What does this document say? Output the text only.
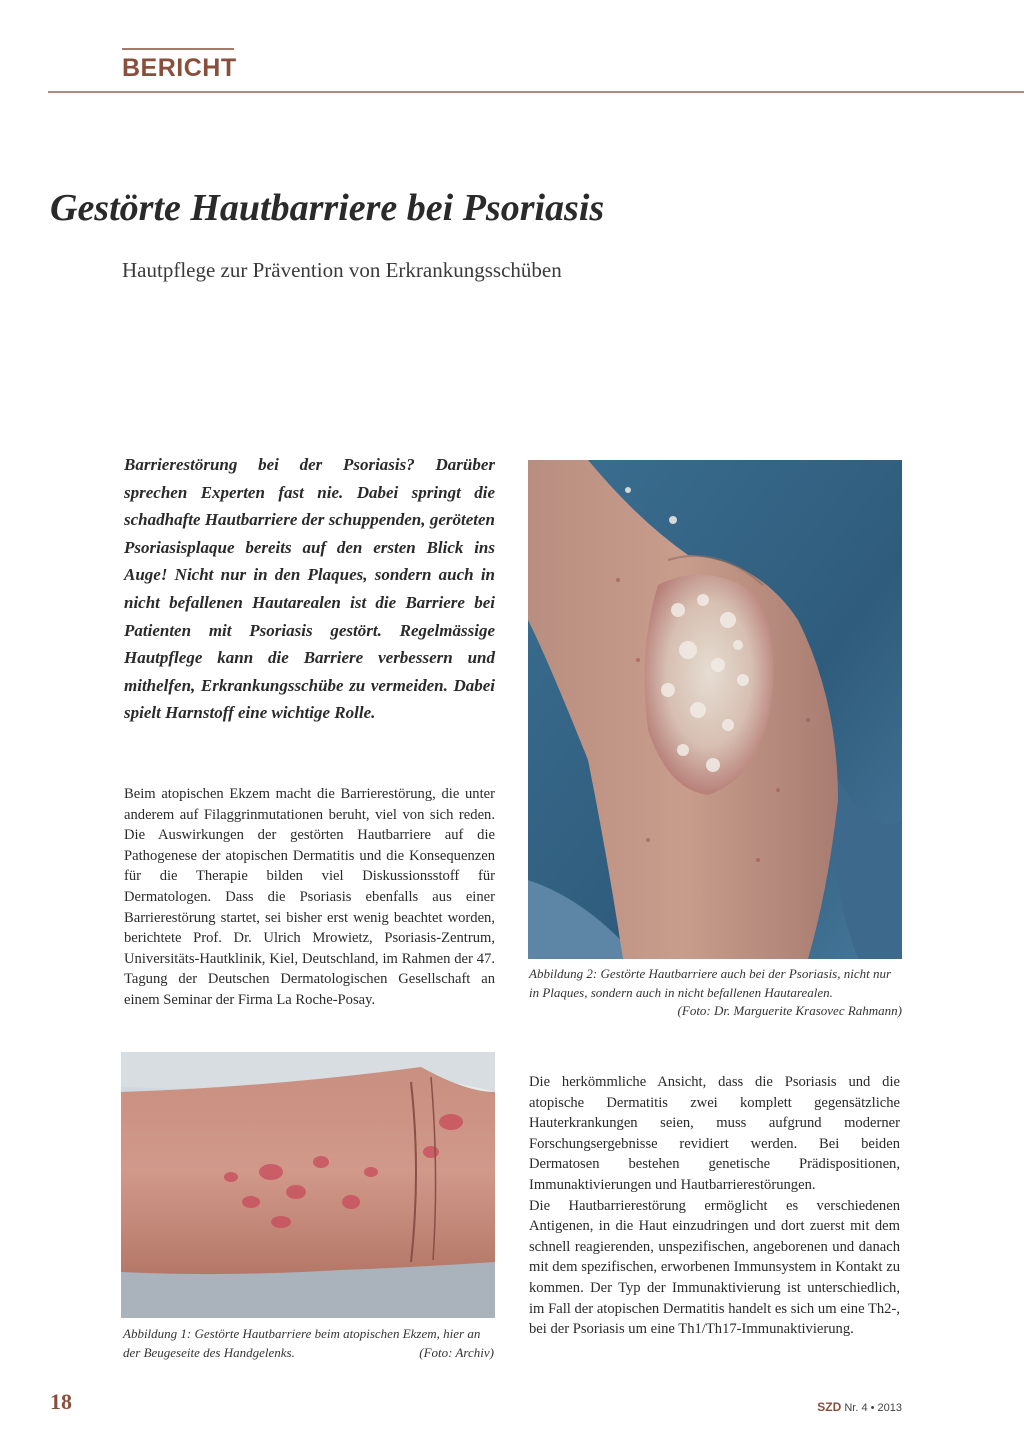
BERICHT
Gestörte Hautbarriere bei Psoriasis
Hautpflege zur Prävention von Erkrankungsschüben

Barrierestörung bei der Psoriasis? Darüber sprechen Experten fast nie. Dabei springt die schadhafte Hautbarriere der schuppenden, geröteten Psoriasisplaque bereits auf den ersten Blick ins Auge! Nicht nur in den Plaques, sondern auch in nicht befallenen Hautarealen ist die Barriere bei Patienten mit Psoriasis gestört. Regelmässige Hautpflege kann die Barriere verbessern und mithelfen, Erkrankungsschübe zu vermeiden. Dabei spielt Harnstoff eine wichtige Rolle.

Beim atopischen Ekzem macht die Barrierestörung, die unter anderem auf Filaggrinmutationen beruht, viel von sich reden. Die Auswirkungen der gestörten Hautbarriere auf die Pathogenese der atopischen Dermatitis und die Konsequenzen für die Therapie bilden viel Diskussionsstoff für Dermatologen. Dass die Psoriasis ebenfalls aus einer Barrierestörung startet, sei bisher erst wenig beachtet worden, berichtete Prof. Dr. Ulrich Mrowietz, Psoriasis-Zentrum, Universitäts-Hautklinik, Kiel, Deutschland, im Rahmen der 47. Tagung der Deutschen Dermatologischen Gesellschaft an einem Seminar der Firma La Roche-Posay.

Abbildung 2: Gestörte Hautbarriere auch bei der Psoriasis, nicht nur in Plaques, sondern auch in nicht befallenen Hautarealen.
(Foto: Dr. Marguerite Krasovec Rahmann)
Abbildung 1: Gestörte Hautbarriere beim atopischen Ekzem, hier an der Beugeseite des Handgelenks.	(Foto: Archiv)

Die herkömmliche Ansicht, dass die Psoriasis und die atopische Dermatitis zwei komplett gegensätzliche Hauterkrankungen seien, muss aufgrund moderner Forschungsergebnisse revidiert werden. Bei beiden Dermatosen bestehen genetische Prädispositionen, Immunaktivierungen und Hautbarrierestörungen.

Die Hautbarrierestörung ermöglicht es verschiedenen Antigenen, in die Haut einzudringen und dort zuerst mit dem schnell reagierenden, unspezifischen, angeborenen und danach mit dem spezifischen, erworbenen Immunsystem in Kontakt zu kommen. Der Typ der Immunaktivierung ist unterschiedlich, im Fall der atopischen Dermatitis handelt es sich um eine Th2-, bei der Psoriasis um eine Th1/Th17-Immunaktivierung.

18	SZD Nr. 4 • 2013
